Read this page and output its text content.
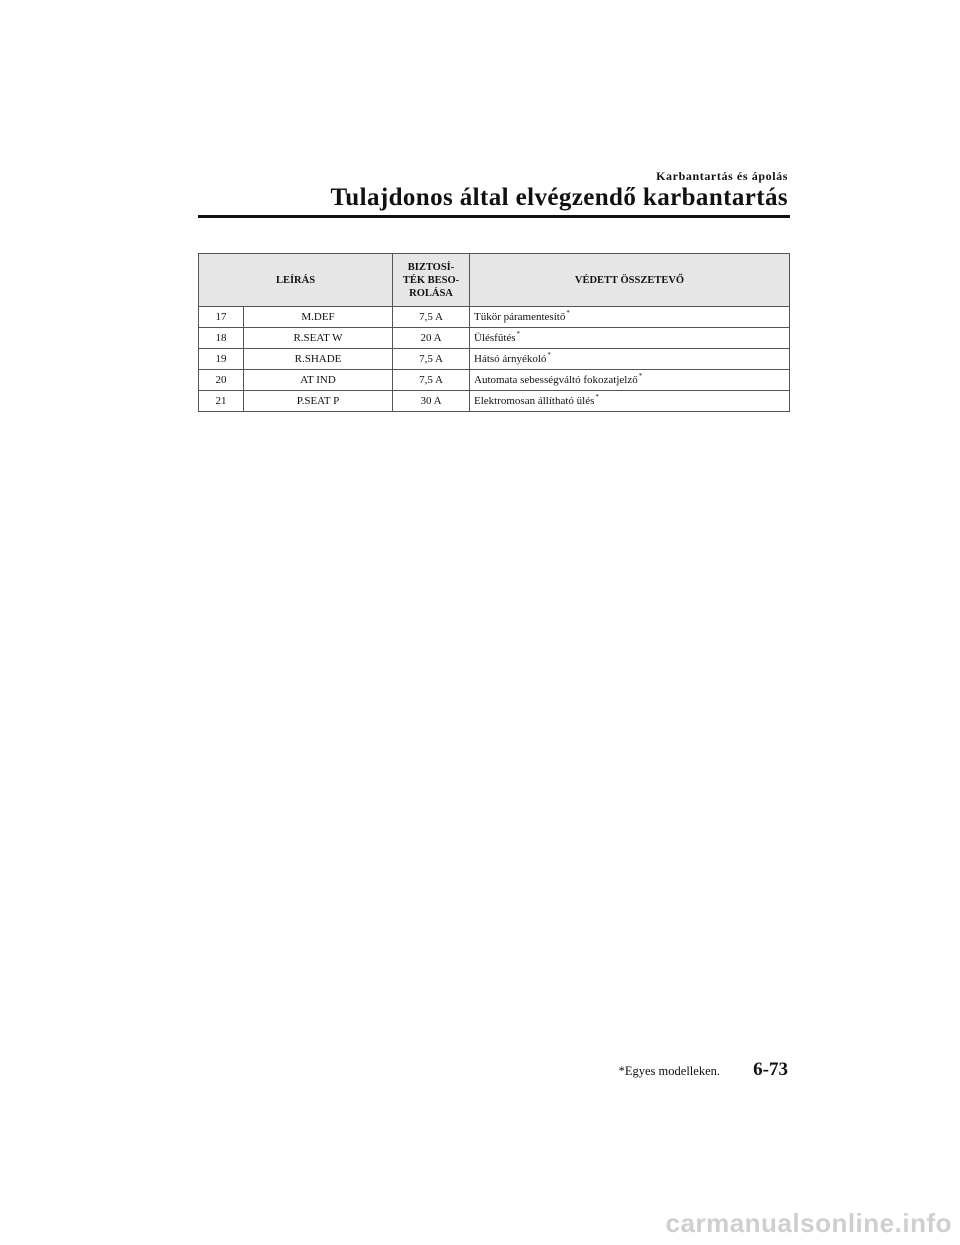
Karbantartás és ápolás
Tulajdonos által elvégzendő karbantartás
LEÍRÁS		BIZTOSÍ-
TÉK BESO-
ROLÁSA	VÉDETT ÖSSZETEVŐ
17	M.DEF	7,5 A	Tükör páramentesítő*
18	R.SEAT W	20 A	Ülésfűtés*
19	R.SHADE	7,5 A	Hátsó árnyékoló*
20	AT IND	7,5 A	Automata sebességváltó fokozatjelző*
21	P.SEAT P	30 A	Elektromosan állítható ülés*
*Egyes modelleken. 6-73
carmanualsonline.info
